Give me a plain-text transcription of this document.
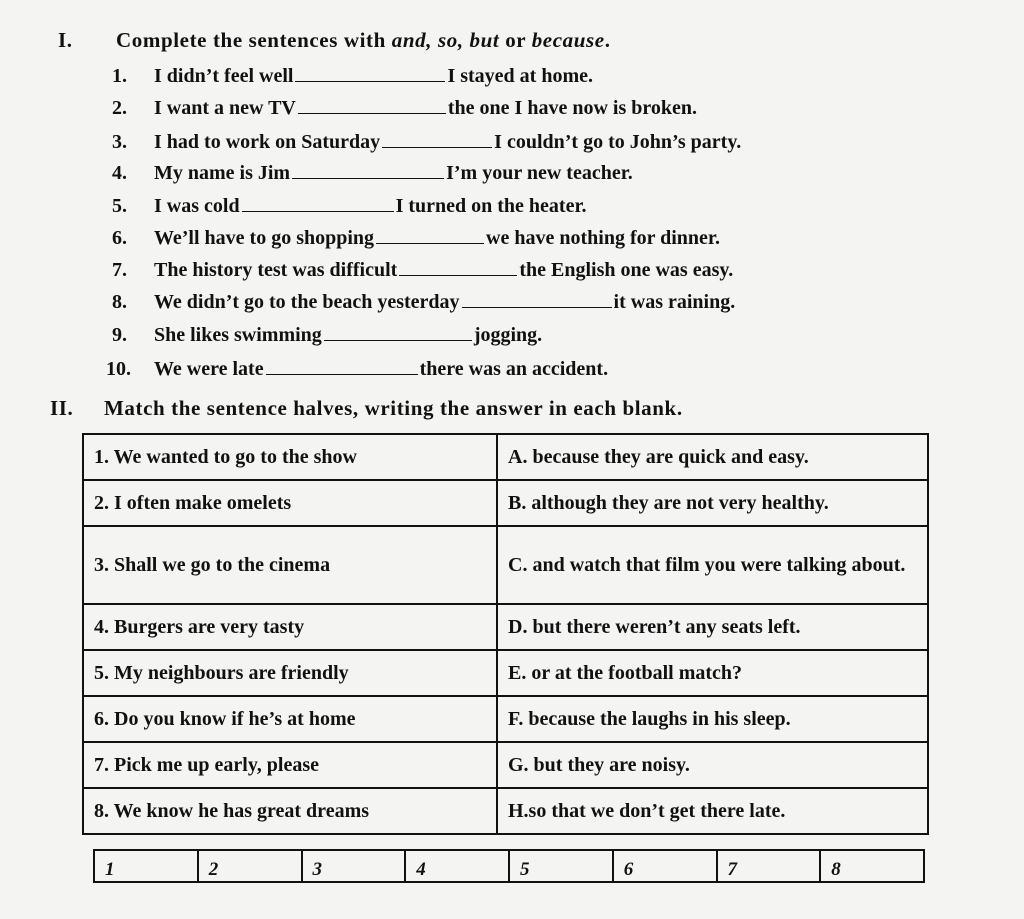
I. Complete the sentences with and, so, but or because.
1. I didn’t feel well	I stayed at home.
2. I want a new TV	the one I have now is broken.
3. I had to work on Saturday	I couldn’t go to John’s party.
4. My name is Jim	I’m your new teacher.
5. I was cold	I turned on the heater.
6. We’ll have to go shopping	we have nothing for dinner.
7. The history test was difficult	the English one was easy.
8. We didn’t go to the beach yesterday	it was raining.
9. She likes swimming	jogging.
10. We were late	there was an accident.
II. Match the sentence halves, writing the answer in each blank.
1. We wanted to go to the show	A. because they are quick and easy.
2. I often make omelets	B. although they are not very healthy.
3. Shall we go to the cinema	C. and watch that film you were talking about.
4. Burgers are very tasty	D. but there weren’t any seats left.
5. My neighbours are friendly	E. or at the football match?
6. Do you know if he’s at home	F. because the laughs in his sleep.
7. Pick me up early, please	G. but they are noisy.
8. We know he has great dreams	H.so that we don’t get there late.
1	2	3	4	5	6	7	8
